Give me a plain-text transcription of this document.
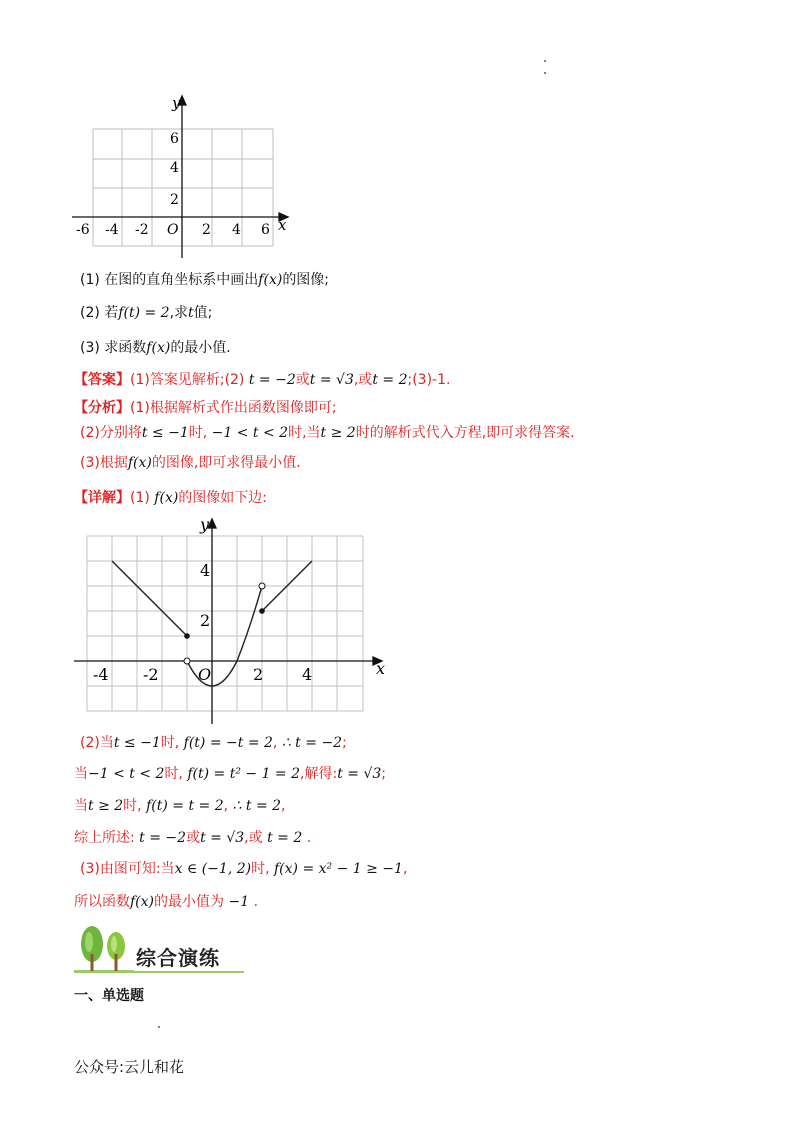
y
x
O
-6 -4 -2	2 4 6
2
4
6
(1) 在图的直角坐标系中画出f(x)的图像;
(2) 若f(t) = 2,求t值;
(3) 求函数f(x)的最小值.
【答案】(1)答案见解析;(2) t = −2或t = √3,或t = 2;(3)-1.
【分析】(1)根据解析式作出函数图像即可;
(2)分别将t ≤ −1时, −1 < t < 2时,当t ≥ 2时的解析式代入方程,即可求得答案.
(3)根据f(x)的图像,即可求得最小值.
【详解】(1) f(x)的图像如下边:
y
x
O
-4 -2	2 4
2
4
(2)当t ≤ −1时, f(t) = −t = 2, ∴ t = −2;
当−1 < t < 2时, f(t) = t² − 1 = 2,解得:t = √3;
当t ≥ 2时, f(t) = t = 2, ∴ t = 2,
综上所述: t = −2或t = √3,或 t = 2 .
(3)由图可知:当x ∈ (−1, 2)时, f(x) = x² − 1 ≥ −1,
所以函数f(x)的最小值为 −1 .
综合演练
一、单选题
公众号:云儿和花
